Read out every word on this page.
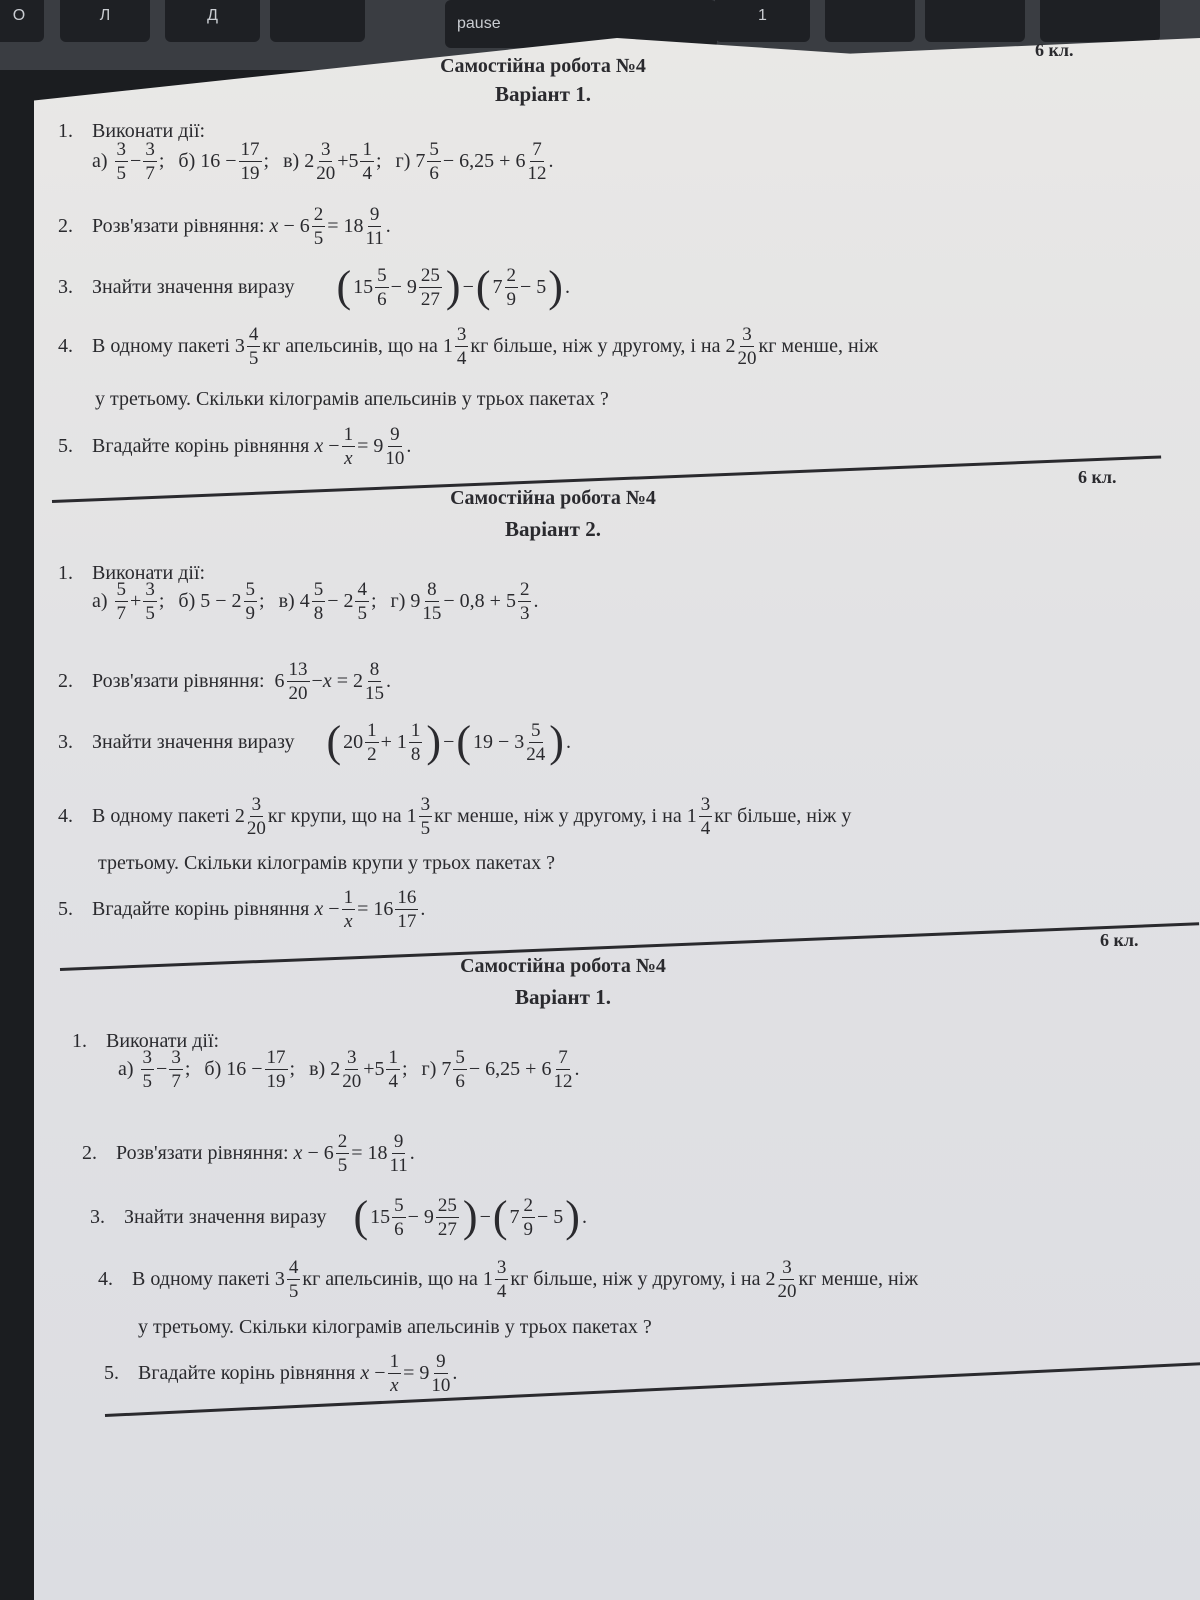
О	Л	Д	pause	1
6 кл.
Самостійна робота №4
Варіант 1.
1. Виконати дії:
а)
$\frac{3}{5} - \frac{3}{7}$ ; б) $16 - \frac{17}{19}$ ; в) $2 \frac{3}{20} +5 \frac{1}{4}$ ; г) $7 \frac{5}{6} - 6,25 + 6 \frac{7}{12}$ .
2. Розв'язати рівняння:
$x - 6 \frac{2}{5} = 18 \frac{9}{11}$ .
3. Знайти значення виразу ( $15 \frac{5}{6} - 9 \frac{25}{27}$ ) − ( $7 \frac{2}{9} - 5$ ) .
4. В одному пакеті $3 \frac{4}{5}$ кг апельсинів, що на $1 \frac{3}{4}$ кг більше, ніж у другому, і на $2 \frac{3}{20}$ кг менше, ніж
у третьому. Скільки кілограмів апельсинів у трьох пакетах ?
5. Вгадайте корінь рівняння
$x - \frac{1}{x} = 9 \frac{9}{10}$ .
6 кл.
Самостійна робота №4
Варіант 2.
1. Виконати дії:
а)
$\frac{5}{7} + \frac{3}{5}$ ; б) $5 - 2 \frac{5}{9}$ ; в) $4 \frac{5}{8} - 2 \frac{4}{5}$ ; г) $9 \frac{8}{15} - 0,8 + 5 \frac{2}{3}$ .
2. Розв'язати рівняння: $6 \frac{13}{20} - x = 2 \frac{8}{15}$ .
3. Знайти значення виразу ( $20 \frac{1}{2} + 1 \frac{1}{8}$ ) − ( $19 - 3 \frac{5}{24}$ ) .
4. В одному пакеті $2 \frac{3}{20}$ кг крупи, що на $1 \frac{3}{5}$ кг менше, ніж у другому, і на $1 \frac{3}{4}$ кг більше, ніж у
третьому. Скільки кілограмів крупи у трьох пакетах ?
5. Вгадайте корінь рівняння
$x - \frac{1}{x} = 16 \frac{16}{17}$ .
6 кл.
Самостійна робота №4
Варіант 1.
1. Виконати дії:
а)
$\frac{3}{5} - \frac{3}{7}$ ; б) $16 - \frac{17}{19}$ ; в) $2 \frac{3}{20} +5 \frac{1}{4}$ ; г) $7 \frac{5}{6} - 6,25 + 6 \frac{7}{12}$ .
2. Розв'язати рівняння:
$x - 6 \frac{2}{5} = 18 \frac{9}{11}$ .
3. Знайти значення виразу ( $15 \frac{5}{6} - 9 \frac{25}{27}$ ) − ( $7 \frac{2}{9} - 5$ ) .
4. В одному пакеті $3 \frac{4}{5}$ кг апельсинів, що на $1 \frac{3}{4}$ кг більше, ніж у другому, і на $2 \frac{3}{20}$ кг менше, ніж
у третьому. Скільки кілограмів апельсинів у трьох пакетах ?
5. Вгадайте корінь рівняння
$x - \frac{1}{x} = 9 \frac{9}{10}$ .
